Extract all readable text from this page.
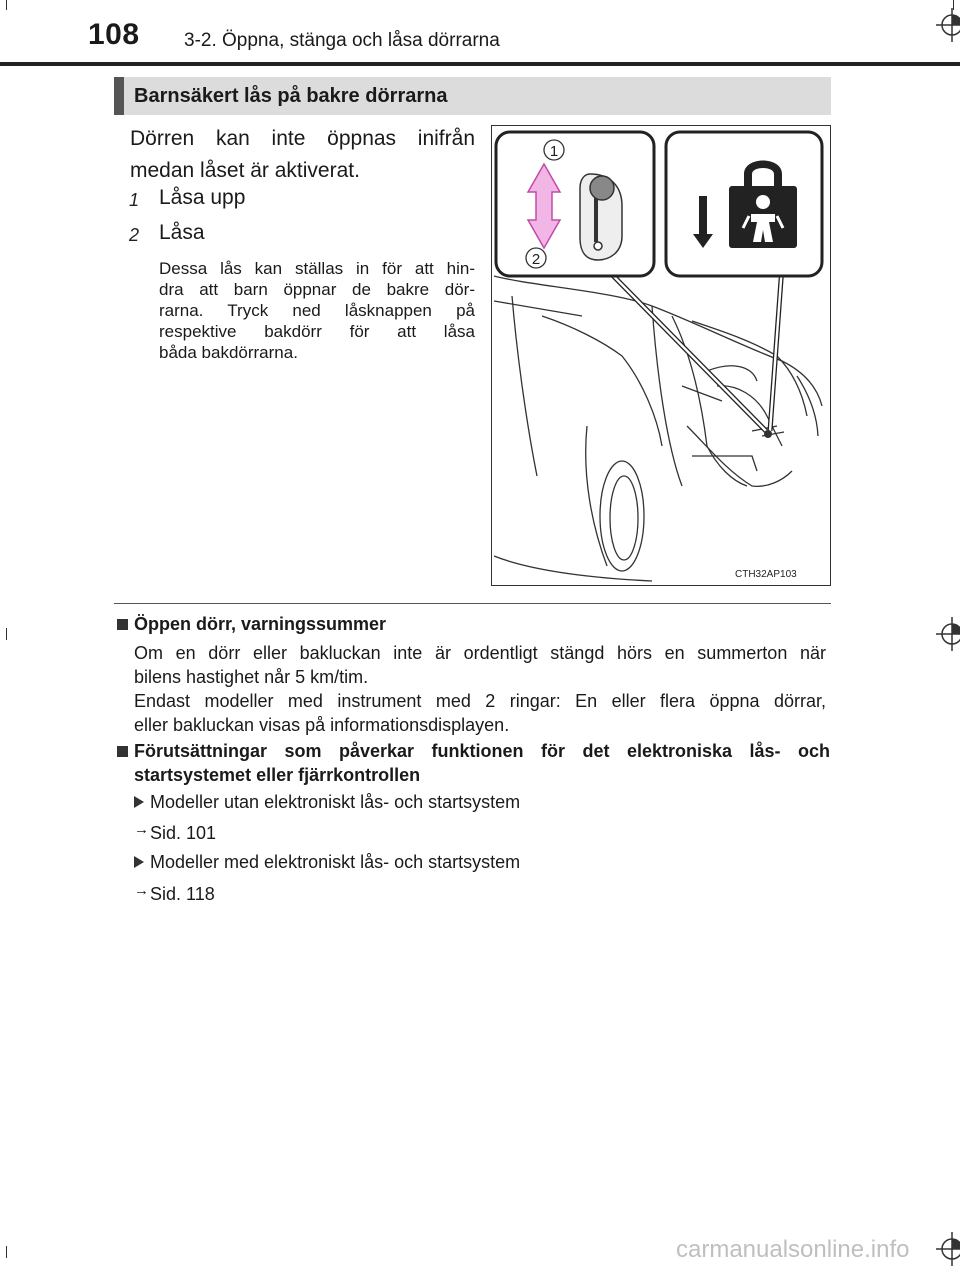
108 3-2. Öppna, stänga och låsa dörrarna
Barnsäkert lås på bakre dörrarna
Dörren kan inte öppnas inifrån
medan låset är aktiverat.
1 Låsa upp
2 Låsa
Dessa lås kan ställas in för att hin-
dra att barn öppnar de bakre dör-
rarna. Tryck ned låsknappen på
respektive bakdörr för att låsa
båda bakdörrarna.
1
2
CTH32AP103
Öppen dörr, varningssummer
Om en dörr eller bakluckan inte är ordentligt stängd hörs en summerton när
bilens hastighet når 5 km/tim.
Endast modeller med instrument med 2 ringar: En eller flera öppna dörrar,
eller bakluckan visas på informationsdisplayen.
Förutsättningar som påverkar funktionen för det elektroniska lås- och
startsystemet eller fjärrkontrollen
Modeller utan elektroniskt lås- och startsystem
→ Sid. 101
Modeller med elektroniskt lås- och startsystem
→ Sid. 118
carmanualsonline.info
